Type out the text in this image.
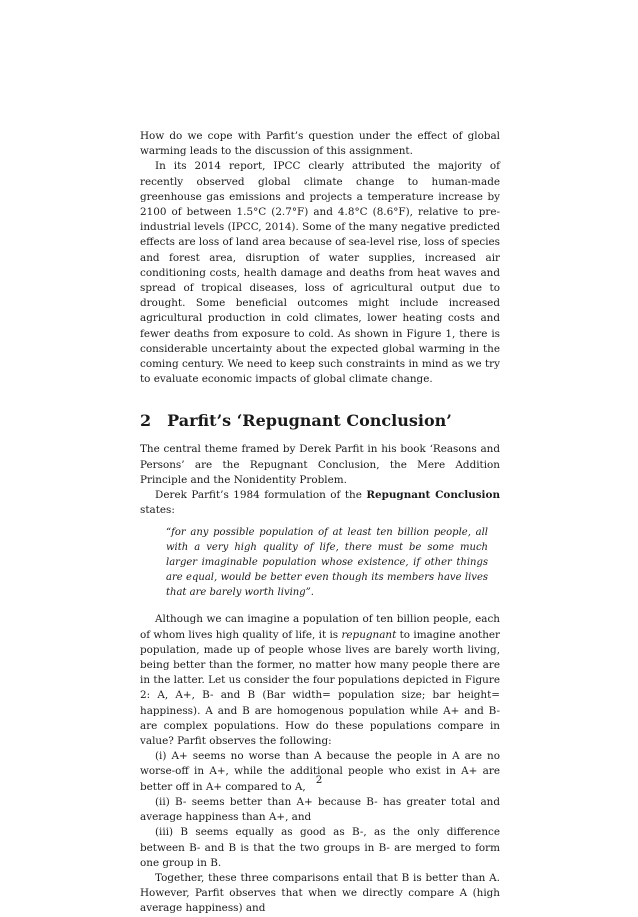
How do we cope with Parfit’s question under the effect of global warming leads to the discussion of this assignment.

In its 2014 report, IPCC clearly attributed the majority of recently observed global climate change to human-made greenhouse gas emissions and projects a temperature increase by 2100 of between 1.5°C (2.7°F) and 4.8°C (8.6°F), relative to pre-industrial levels (IPCC, 2014). Some of the many negative predicted effects are loss of land area because of sea-level rise, loss of species and forest area, disruption of water supplies, increased air conditioning costs, health damage and deaths from heat waves and spread of tropical diseases, loss of agricultural output due to drought. Some beneficial outcomes might include increased agricultural production in cold climates, lower heating costs and fewer deaths from exposure to cold. As shown in Figure 1, there is considerable uncertainty about the expected global warming in the coming century. We need to keep such constraints in mind as we try to evaluate economic impacts of global climate change.

2 Parfit’s ‘Repugnant Conclusion’

The central theme framed by Derek Parfit in his book ‘Reasons and Persons’ are the Repugnant Conclusion, the Mere Addition Principle and the Nonidentity Problem.

Derek Parfit’s 1984 formulation of the Repugnant Conclusion states:

“for any possible population of at least ten billion people, all with a very high quality of life, there must be some much larger imaginable population whose existence, if other things are equal, would be better even though its members have lives that are barely worth living”.

Although we can imagine a population of ten billion people, each of whom lives high quality of life, it is repugnant to imagine another population, made up of people whose lives are barely worth living, being better than the former, no matter how many people there are in the latter. Let us consider the four populations depicted in Figure 2: A, A+, B- and B (Bar width= population size; bar height= happiness). A and B are homogenous population while A+ and B- are complex populations. How do these populations compare in value? Parfit observes the following:

(i) A+ seems no worse than A because the people in A are no worse-off in A+, while the additional people who exist in A+ are better off in A+ compared to A,

(ii) B- seems better than A+ because B- has greater total and average happiness than A+, and

(iii) B seems equally as good as B-, as the only difference between B- and B is that the two groups in B- are merged to form one group in B.

Together, these three comparisons entail that B is better than A. However, Parfit observes that when we directly compare A (high average happiness) and

2
